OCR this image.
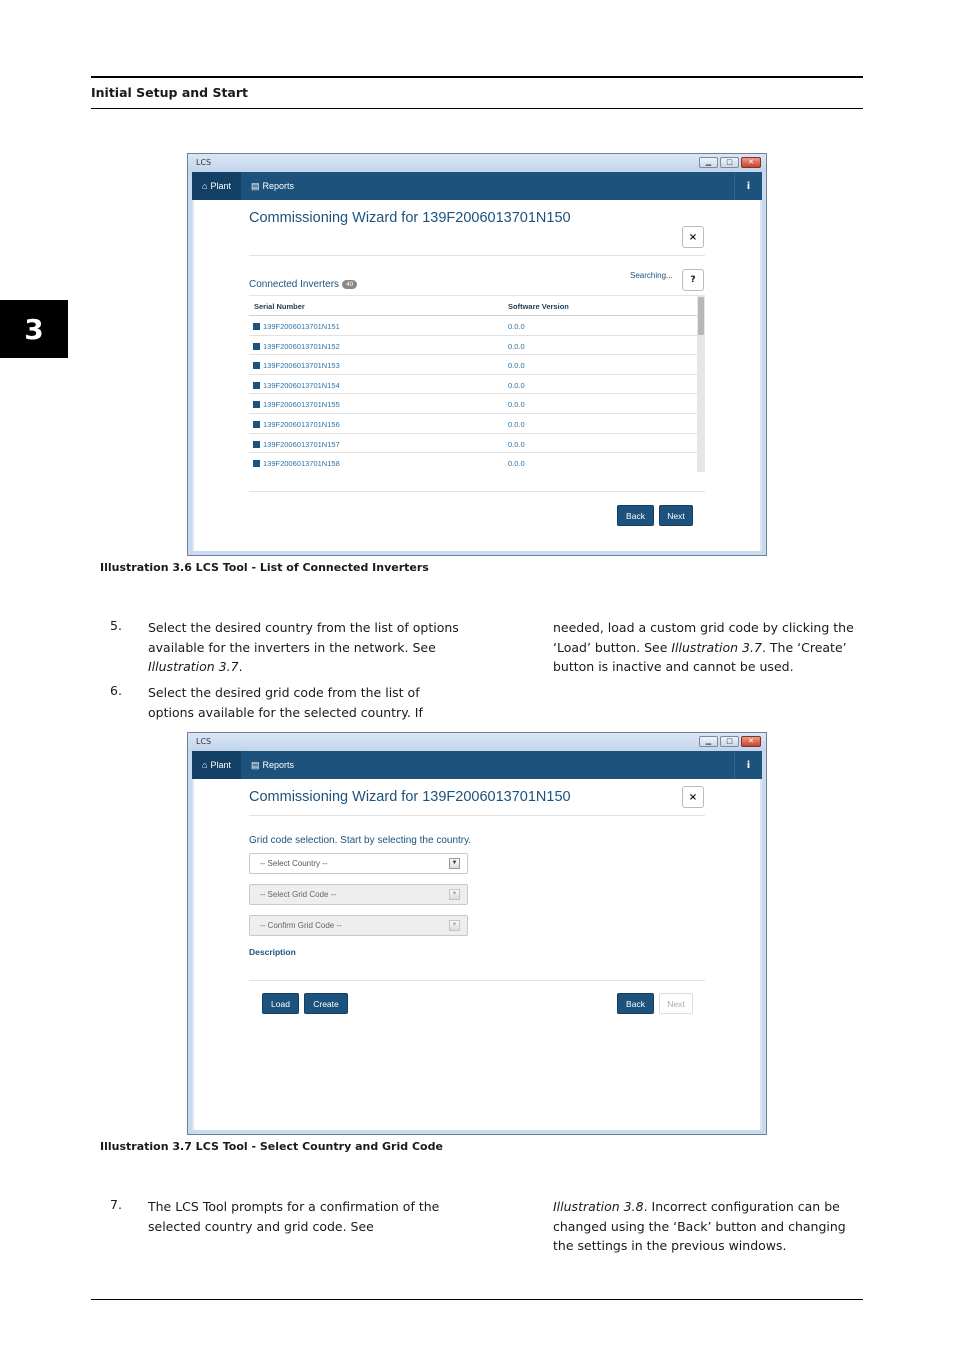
Initial Setup and Start
3
LCS	▁	□	✕
⌂ Plant ▤ Reports	i
Commissioning Wizard for 139F2006013701N150
×
Connected Inverters 40
Searching...	?
Serial Number	Software Version
139F2006013701N151	0.0.0
139F2006013701N152	0.0.0
139F2006013701N153	0.0.0
139F2006013701N154	0.0.0
139F2006013701N155	0.0.0
139F2006013701N156	0.0.0
139F2006013701N157	0.0.0
139F2006013701N158	0.0.0
Back	Next
Illustration 3.6 LCS Tool - List of Connected Inverters
5. Select the desired country from the list of options
available for the inverters in the network. See
Illustration 3.7.
6. Select the desired grid code from the list of
options available for the selected country. If
needed, load a custom grid code by clicking the
‘Load’ button. See Illustration 3.7. The ‘Create’
button is inactive and cannot be used.
LCS	▁	□	✕
⌂ Plant ▤ Reports	i
Commissioning Wizard for 139F2006013701N150	×
Grid code selection. Start by selecting the country.
-- Select Country --	▼
-- Select Grid Code --	▼
-- Confirm Grid Code --	▼
Description
Load	Create	Back	Next
Illustration 3.7 LCS Tool - Select Country and Grid Code
7. The LCS Tool prompts for a confirmation of the
selected country and grid code. See
Illustration 3.8. Incorrect configuration can be
changed using the ‘Back’ button and changing
the settings in the previous windows.
